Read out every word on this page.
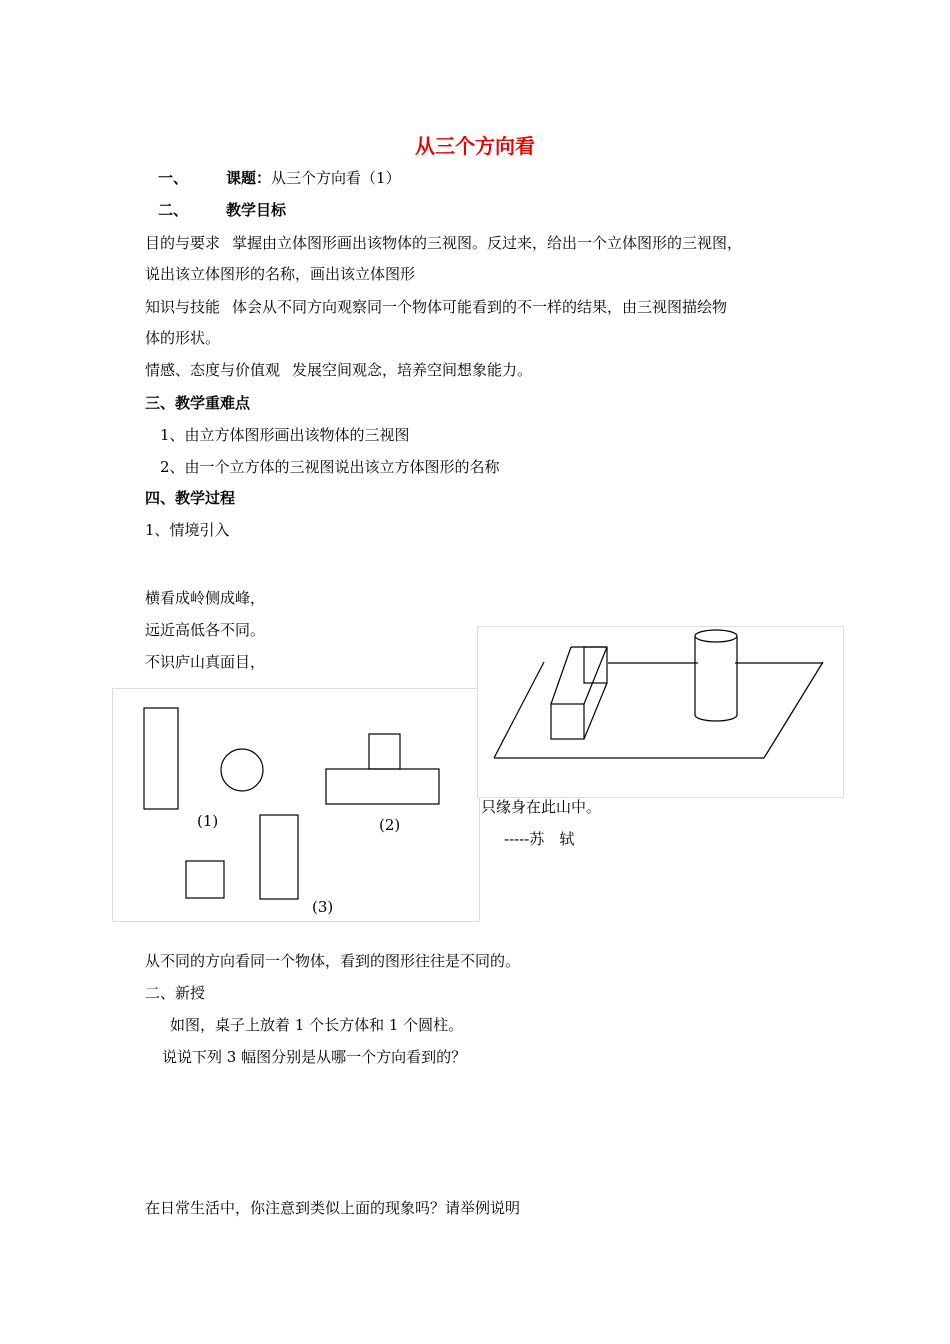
从三个方向看
一、	课题：从三个方向看（1）
二、	教学目标
目的与要求 掌握由立体图形画出该物体的三视图。反过来，给出一个立体图形的三视图，
说出该立体图形的名称，画出该立体图形
知识与技能 体会从不同方向观察同一个物体可能看到的不一样的结果，由三视图描绘物
体的形状。
情感、态度与价值观 发展空间观念，培养空间想象能力。
三、教学重难点
1、由立方体图形画出该物体的三视图
2、由一个立方体的三视图说出该立方体图形的名称
四、教学过程
1、情境引入
横看成岭侧成峰，
远近高低各不同。
不识庐山真面目，
(1)	(2)
(3)
只缘身在此山中。
-----苏　轼
从不同的方向看同一个物体，看到的图形往往是不同的。
二、新授
如图，桌子上放着 1 个长方体和 1 个圆柱。
说说下列 3 幅图分别是从哪一个方向看到的？
在日常生活中，你注意到类似上面的现象吗？请举例说明
